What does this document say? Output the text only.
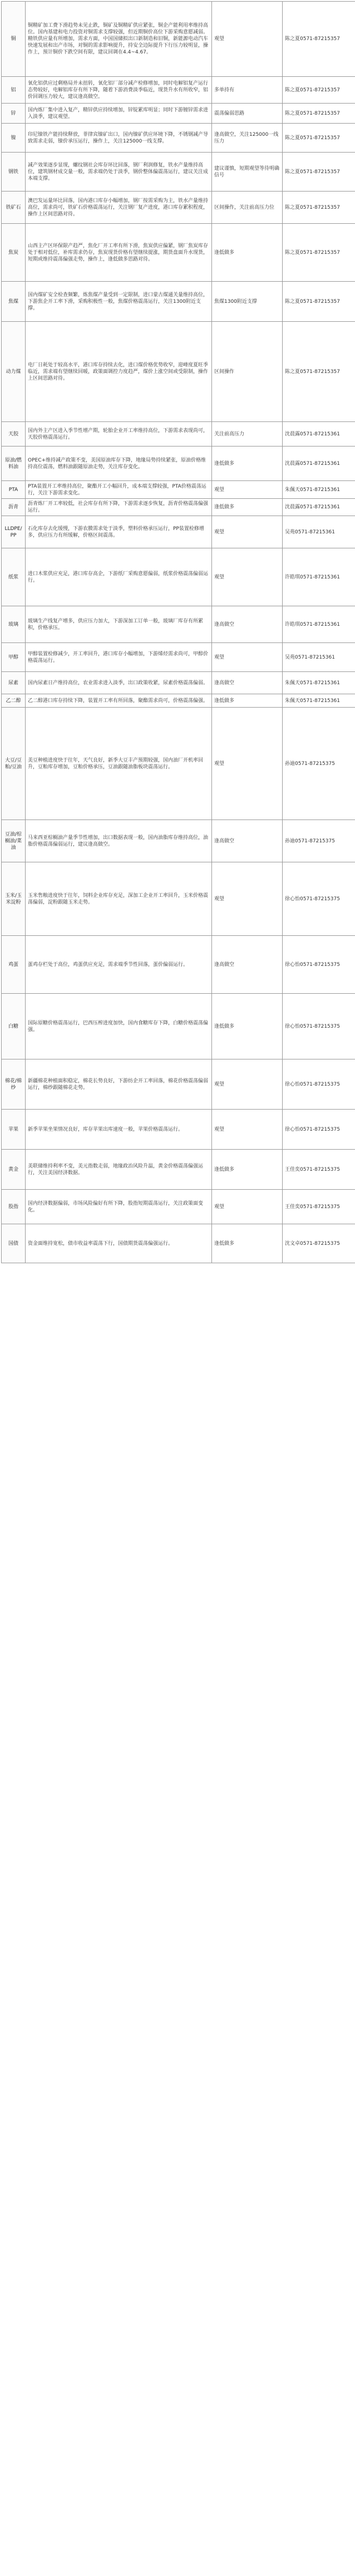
铜	铜精矿加工费下滑趋势未见止跌，铜矿及铜精矿供应紧张，铜企产能利用率维持高位。国内基建和电力投资对铜需求支撑较强，但近期铜价高位下游采购意愿减弱。精铁供应量有所增加，需求方面，中国国储拟出口新制造和旧铜，新能源电动汽车快速发展和出产市场，对铜的需求影响提升，持安全边际提升下行压力较明显，操作上，预计铜价下跌空间有限，建议回调在4.4~4.67。	观望	陈之夏0571-87215357

铝	氧化铝供应过剩格局并未扭转，氧化铝厂部分减产检修增加，同时电解铝复产运行态势较好，电解铝库存有所下降，随着下游消费淡季临近，现货升水有所收窄，铝价回调压力较大，建议逢高做空。	多单持有	陈之夏0571-87215357

锌	国内炼厂集中进入复产，精锌供应持续增加，锌锭累库明显；同时下游镀锌需求进入淡季，建议观望。	震荡偏弱思路	陈之夏0571-87215357

镍	印尼镍铁产能持续释放，菲律宾镍矿出口，国内镍矿供应环境下降，不锈钢减产导致需求走弱，镍价承压运行，操作上，关注125000一线支撑。	逢高做空，关注125000一线压力	陈之夏0571-87215357

钢铁	减产效果逐步显现，螺纹钢社会库存环比回落，钢厂利润修复，铁水产量维持高位，建筑钢材成交量一般，需求端仍处于淡季，钢价整体偏震荡运行，建议关注成本端支撑。	建议谨慎，短期观望等待明确信号	陈之夏0571-87215357

铁矿石	澳巴发运量环比回落，国内港口库存小幅增加，钢厂按需采购为主，铁水产量维持高位，需求尚可，铁矿石价格震荡运行，关注钢厂复产进度，港口库存累积程度，操作上区间思路对待。	区间操作，关注前高压力位	陈之夏0571-87215357

焦炭	山西主产区环保限产趋严，焦化厂开工率有所下滑，焦炭供应偏紧，钢厂焦炭库存处于相对低位，补库需求仍存，焦炭现货价格有望继续提涨，期货盘面升水现货，短期或维持震荡偏强走势，操作上，逢低做多思路对待。	逢低做多	陈之夏0571-87215357

焦煤	国内煤矿安全检查频繁，炼焦煤产量受到一定限制，进口蒙古煤通关量维持高位，下游焦企开工率下滑，采购积极性一般，焦煤价格震荡运行，关注1300附近支撑。	焦煤1300附近支撑	陈之夏0571-87215357

动力煤	电厂日耗处于较高水平，港口库存持续去化，进口煤价格优势收窄，迎峰度夏旺季临近，需求端有望继续回暖，政策面调控力度趋严，煤价上涨空间或受限制，操作上区间思路对待。	区间操作	陈之夏0571-87215357

天胶	国内外主产区进入季节性增产期，轮胎企业开工率维持高位，下游需求表现尚可，天胶价格震荡运行。	关注前高压力	沈晨露0571-87215361

原油/燃料油	OPEC+维持减产政策不变，美国原油库存下降，地缘局势持续紧张，原油价格维持高位震荡，燃料油跟随原油走势，关注库存变化。	逢低做多	沈晨露0571-87215361

PTA	PTA装置开工率维持高位，聚酯开工小幅回升，成本端支撑较强，PTA价格震荡运行，关注下游需求变化。	观望	朱佩天0571-87215361

沥青	沥青炼厂开工率较低，社会库存有所下降，下游需求逐步恢复，沥青价格震荡偏强运行。	逢低做多	沈晨露0571-87215361

LLDPE/PP	石化库存去化缓慢，下游农膜需求处于淡季，塑料价格承压运行，PP装置检修增多，供应压力有所缓解，价格区间震荡。	观望	吴苑0571-87215361

纸浆	进口木浆供应充足，港口库存高企，下游纸厂采购意愿偏弱，纸浆价格震荡偏弱运行。	观望	许皓琪0571-87215361

玻璃	玻璃生产线复产增多，供应压力加大，下游深加工订单一般，玻璃厂库存有所累积，价格承压。	逢高做空	许皓琪0571-87215361

甲醇	甲醇装置检修减少，开工率回升，港口库存小幅增加，下游烯烃需求尚可，甲醇价格震荡运行。	观望	吴苑0571-87215361

尿素	国内尿素日产维持高位，农业需求进入淡季，出口政策收紧，尿素价格震荡偏弱。	逢高做空	朱佩天0571-87215361

乙二醇	乙二醇港口库存持续下降，装置开工率有所回落，聚酯需求尚可，价格震荡偏强。	逢低做多	朱佩天0571-87215361

大豆/豆粕/豆油	美豆种植进度快于往年，天气良好，新季大豆丰产预期较强，国内油厂开机率回升，豆粕库存增加，豆粕价格承压，豆油跟随油脂板块震荡运行。	观望	孙迪0571-87215375

豆油/棕榈油/菜油	马来西亚棕榈油产量季节性增加，出口数据表现一般，国内油脂库存维持高位，油脂价格震荡偏弱运行，建议逢高做空。	逢高做空	孙迪0571-87215375

玉米/玉米淀粉	玉米售粮进度快于往年，饲料企业库存充足，深加工企业开工率回升，玉米价格震荡偏弱，淀粉跟随玉米走势。	观望	徐心怡0571-87215375

鸡蛋	蛋鸡存栏处于高位，鸡蛋供应充足，需求端季节性回落，蛋价偏弱运行。	逢高做空	徐心怡0571-87215375

白糖	国际原糖价格震荡运行，巴西压榨进度加快，国内食糖库存下降，白糖价格震荡偏强。	逢低做多	徐心怡0571-87215375

棉花/棉纱	新疆棉花种植面积稳定，棉花长势良好，下游纺企开工率回落，棉花价格震荡偏弱运行，棉纱跟随棉花走势。	观望	徐心怡0571-87215375

苹果	新季苹果坐果情况良好，库存苹果出库速度一般，苹果价格震荡运行。	观望	徐心怡0571-87215375

黄金	美联储维持利率不变，美元指数走弱，地缘政治风险升温，黄金价格震荡偏强运行，关注美国经济数据。	逢低做多	王佳奕0571-87215375

股指	国内经济数据偏弱，市场风险偏好有所下降，股指短期震荡运行，关注政策面变化。	观望	王佳奕0571-87215375

国债	资金面维持宽松，债市收益率震荡下行，国债期货震荡偏强运行。	逢低做多	沈文卓0571-87215375
